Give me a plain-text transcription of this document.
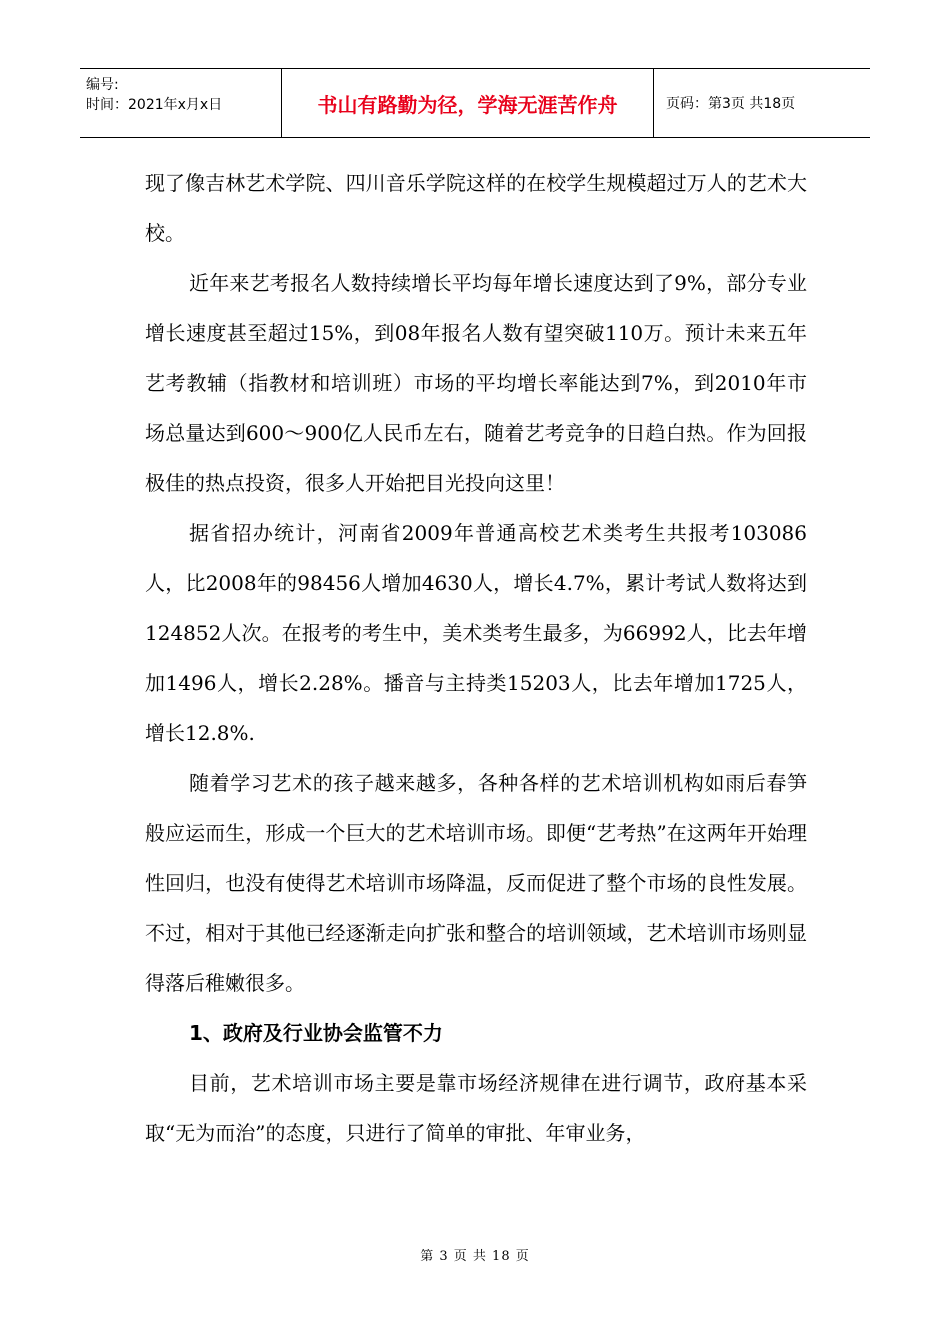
编号:
时间：2021年x月x日	书山有路勤为径，学海无涯苦作舟	页码：第3页 共18页

现了像吉林艺术学院、四川音乐学院这样的在校学生规模超过万人的艺术大校。

近年来艺考报名人数持续增长平均每年增长速度达到了9%，部分专业增长速度甚至超过15%，到08年报名人数有望突破110万。预计未来五年艺考教辅（指教材和培训班）市场的平均增长率能达到7%，到2010年市场总量达到600～900亿人民币左右，随着艺考竞争的日趋白热。作为回报极佳的热点投资，很多人开始把目光投向这里！

据省招办统计，河南省2009年普通高校艺术类考生共报考103086人，比2008年的98456人增加4630人，增长4.7%，累计考试人数将达到124852人次。在报考的考生中，美术类考生最多，为66992人，比去年增加1496人，增长2.28%。播音与主持类15203人，比去年增加1725人，增长12.8%.

随着学习艺术的孩子越来越多，各种各样的艺术培训机构如雨后春笋般应运而生，形成一个巨大的艺术培训市场。即便“艺考热”在这两年开始理性回归，也没有使得艺术培训市场降温，反而促进了整个市场的良性发展。不过，相对于其他已经逐渐走向扩张和整合的培训领域，艺术培训市场则显得落后稚嫩很多。

1、政府及行业协会监管不力

目前，艺术培训市场主要是靠市场经济规律在进行调节，政府基本采取“无为而治”的态度，只进行了简单的审批、年审业务，

第 3 页 共 18 页
